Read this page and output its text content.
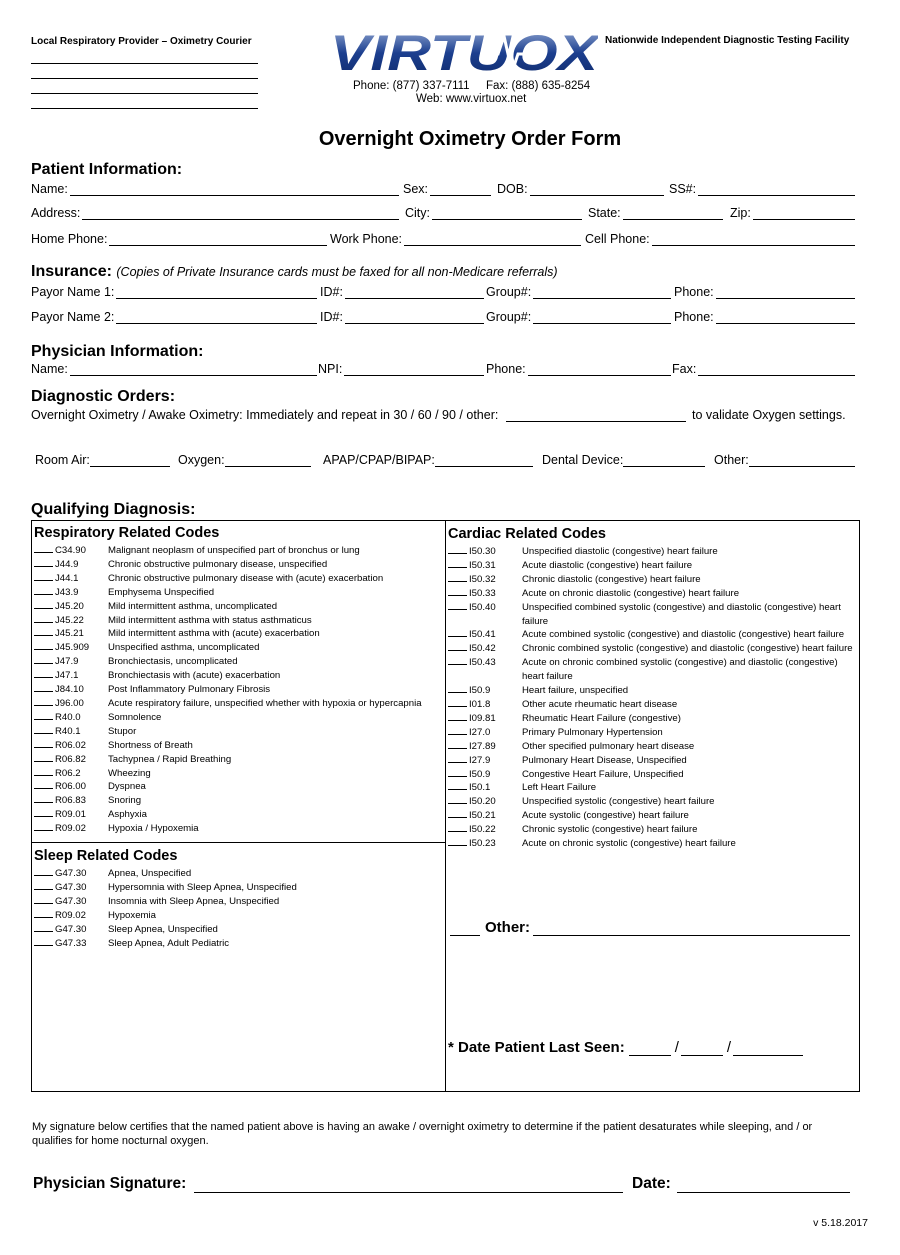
Local Respiratory Provider – Oximetry Courier VIRTUOX Nationwide Independent Diagnostic Testing Facility
Phone: (877) 337-7111 Fax: (888) 635-8254
Web: www.virtuox.net
Overnight Oximetry Order Form
Patient Information:
Name:	Sex:	DOB:	SS#:
Address:	City:	State:	Zip:
Home Phone:	Work Phone:	Cell Phone:
Insurance: (Copies of Private Insurance cards must be faxed for all non-Medicare referrals)
Payor Name 1:	ID#:	Group#:	Phone:
Payor Name 2:	ID#:	Group#:	Phone:
Physician Information:
Name:	NPI:	Phone:	Fax:
Diagnostic Orders:
Overnight Oximetry / Awake Oximetry: Immediately and repeat in 30 / 60 / 90 / other:	to validate Oxygen settings.
Room Air:	Oxygen:	APAP/CPAP/BIPAP:	Dental Device:	Other:
Qualifying Diagnosis:
Respiratory Related Codes
C34.90	Malignant neoplasm of unspecified part of bronchus or lung
J44.9	Chronic obstructive pulmonary disease, unspecified
J44.1	Chronic obstructive pulmonary disease with (acute) exacerbation
J43.9	Emphysema Unspecified
J45.20	Mild intermittent asthma, uncomplicated
J45.22	Mild intermittent asthma with status asthmaticus
J45.21	Mild intermittent asthma with (acute) exacerbation
J45.909	Unspecified asthma, uncomplicated
J47.9	Bronchiectasis, uncomplicated
J47.1	Bronchiectasis with (acute) exacerbation
J84.10	Post Inflammatory Pulmonary Fibrosis
J96.00	Acute respiratory failure, unspecified whether with hypoxia or hypercapnia
R40.0	Somnolence
R40.1	Stupor
R06.02	Shortness of Breath
R06.82	Tachypnea / Rapid Breathing
R06.2	Wheezing
R06.00	Dyspnea
R06.83	Snoring
R09.01	Asphyxia
R09.02	Hypoxia / Hypoxemia
Sleep Related Codes
G47.30	Apnea, Unspecified
G47.30	Hypersomnia with Sleep Apnea, Unspecified
G47.30	Insomnia with Sleep Apnea, Unspecified
R09.02	Hypoxemia
G47.30	Sleep Apnea, Unspecified
G47.33	Sleep Apnea, Adult Pediatric
Cardiac Related Codes
I50.30	Unspecified diastolic (congestive) heart failure
I50.31	Acute diastolic (congestive) heart failure
I50.32	Chronic diastolic (congestive) heart failure
I50.33	Acute on chronic diastolic (congestive) heart failure
I50.40	Unspecified combined systolic (congestive) and diastolic (congestive) heart failure
I50.41	Acute combined systolic (congestive) and diastolic (congestive) heart failure
I50.42	Chronic combined systolic (congestive) and diastolic (congestive) heart failure
I50.43	Acute on chronic combined systolic (congestive) and diastolic (congestive) heart failure
I50.9	Heart failure, unspecified
I01.8	Other acute rheumatic heart disease
I09.81	Rheumatic Heart Failure (congestive)
I27.0	Primary Pulmonary Hypertension
I27.89	Other specified pulmonary heart disease
I27.9	Pulmonary Heart Disease, Unspecified
I50.9	Congestive Heart Failure, Unspecified
I50.1	Left Heart Failure
I50.20	Unspecified systolic (congestive) heart failure
I50.21	Acute systolic (congestive) heart failure
I50.22	Chronic systolic (congestive) heart failure
I50.23	Acute on chronic systolic (congestive) heart failure
Other:
* Date Patient Last Seen:	/	/
My signature below certifies that the named patient above is having an awake / overnight oximetry to determine if the patient desaturates while sleeping, and / or qualifies for home nocturnal oxygen.
Physician Signature:	Date:
v 5.18.2017
